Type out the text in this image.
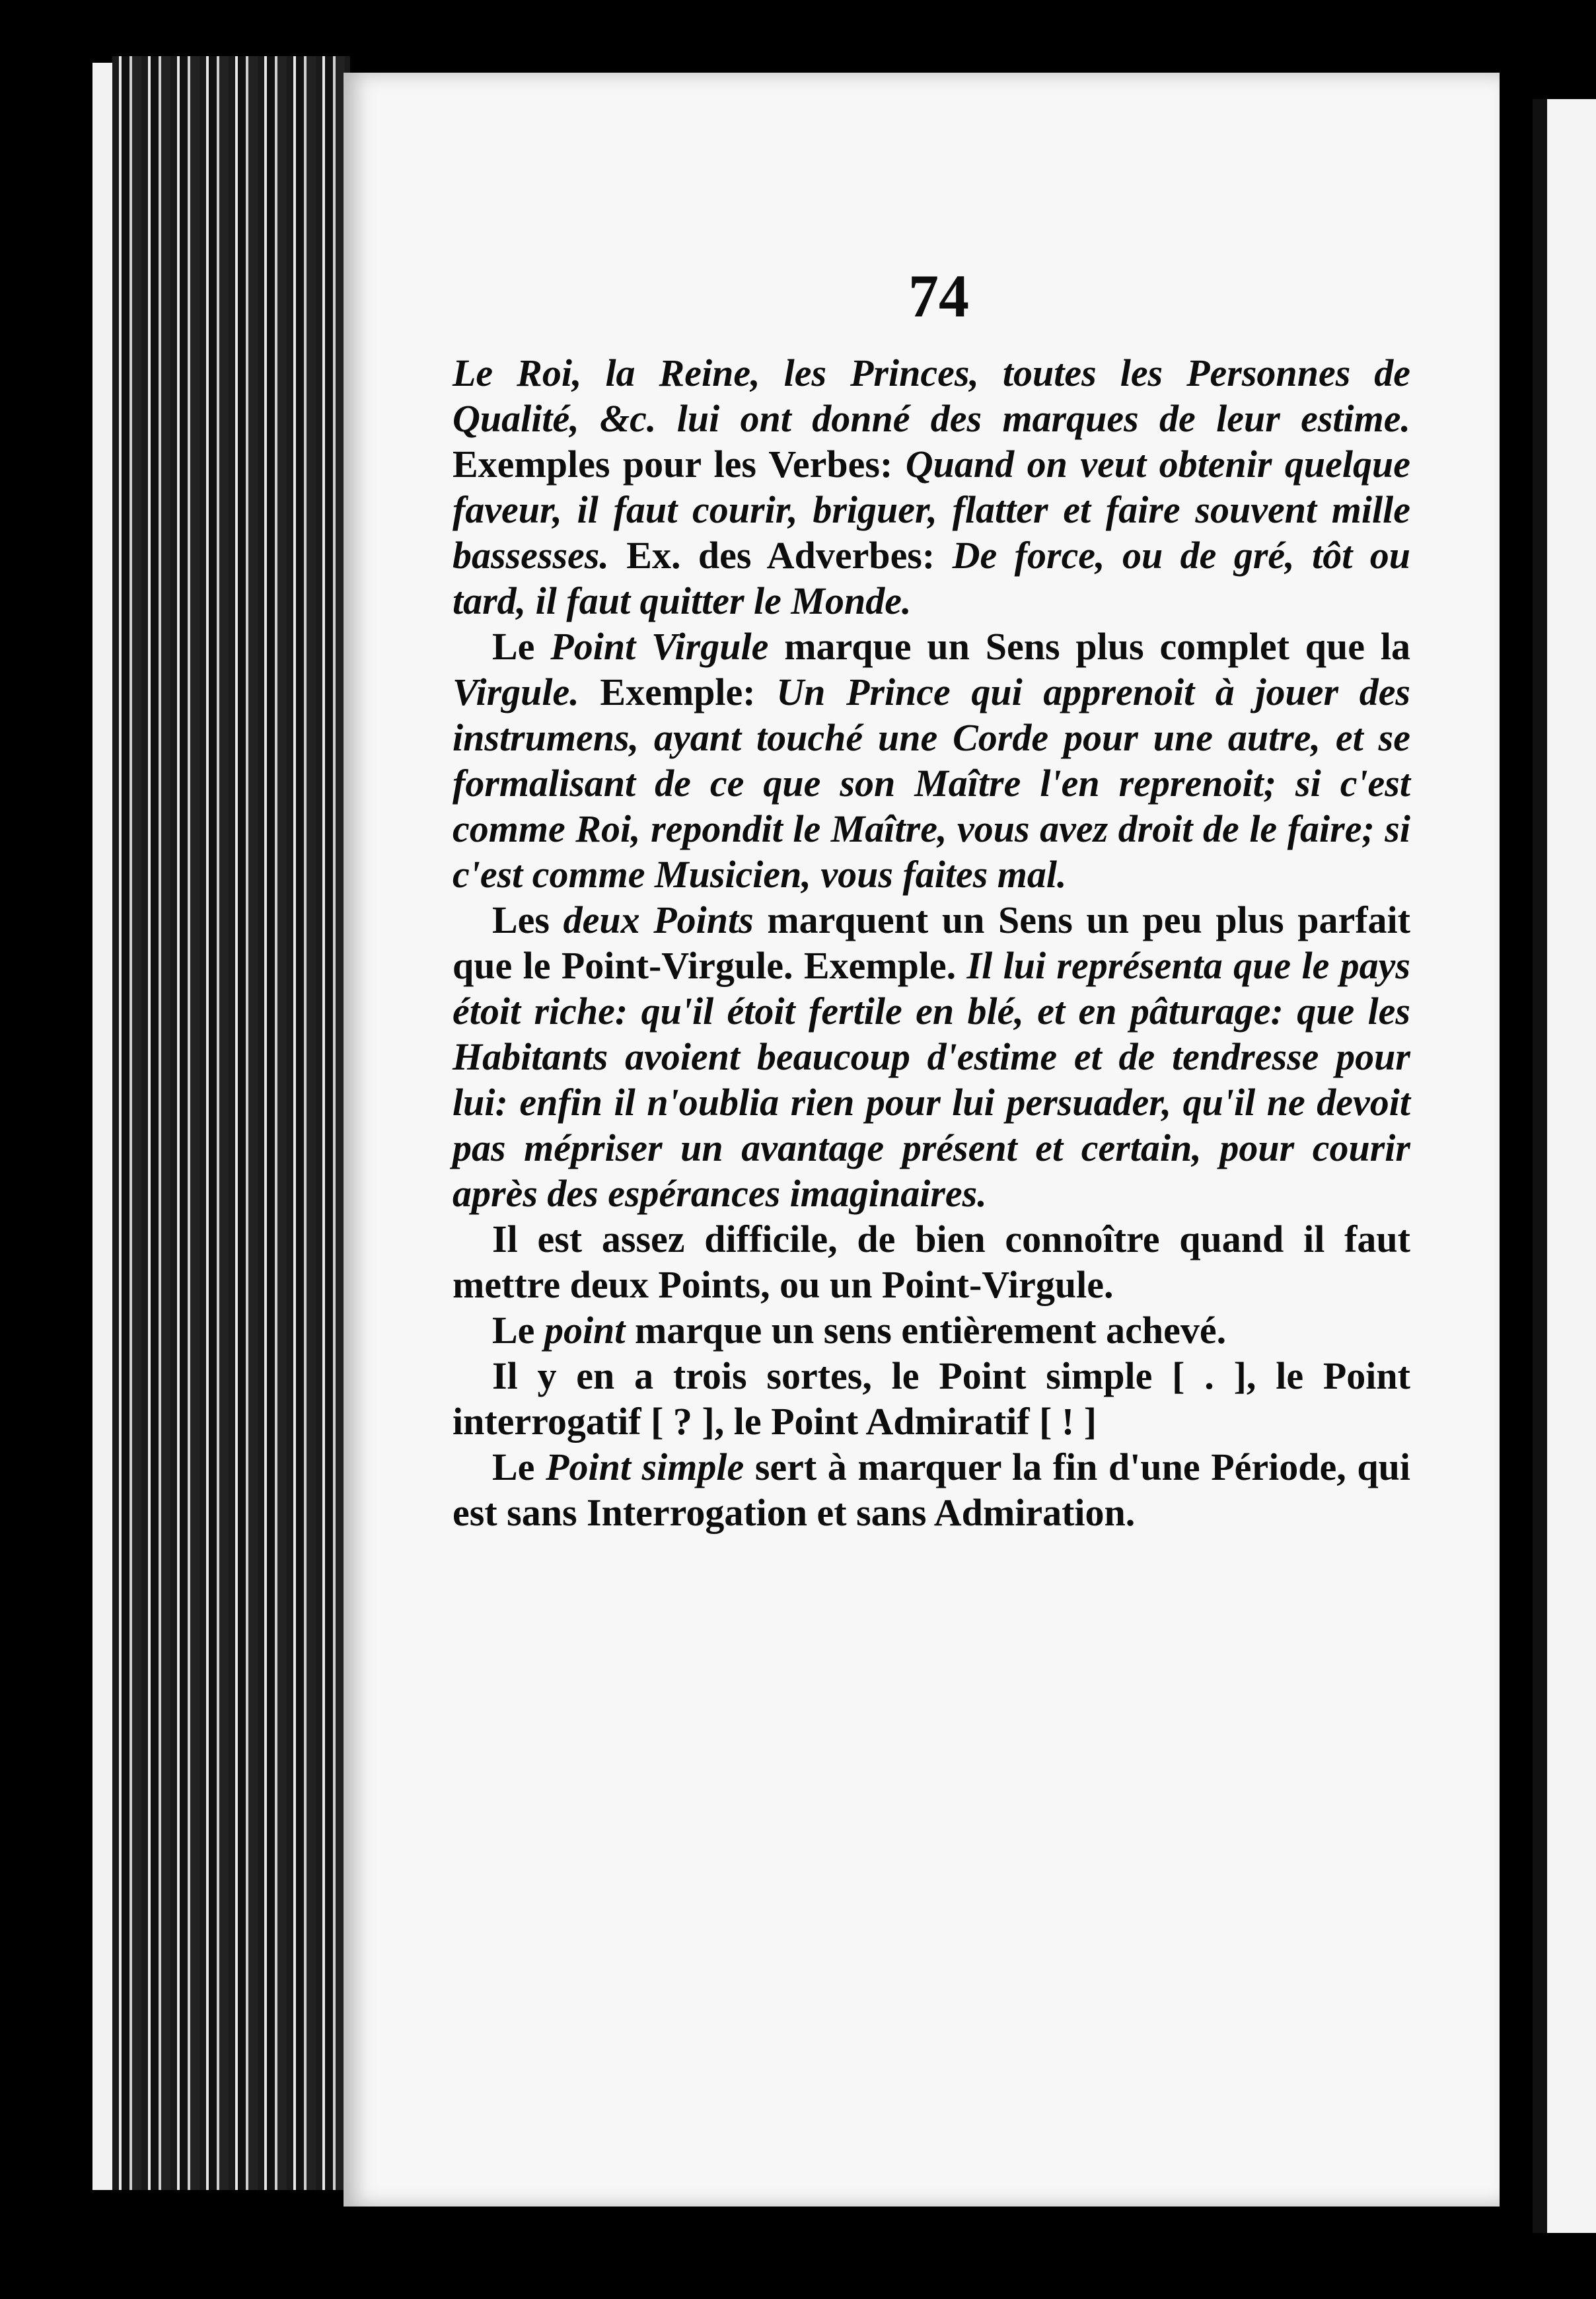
74

Le Roi, la Reine, les Princes, toutes les Personnes de Qualité, &c. lui ont donné des marques de leur estime. Exemples pour les Verbes: Quand on veut obtenir quelque faveur, il faut courir, briguer, flatter et faire souvent mille bassesses. Ex. des Adverbes: De force, ou de gré, tôt ou tard, il faut quitter le Monde.

Le Point Virgule marque un Sens plus complet que la Virgule. Exemple: Un Prince qui apprenoit à jouer des instrumens, ayant touché une Corde pour une autre, et se formalisant de ce que son Maître l'en reprenoit; si c'est comme Roi, repondit le Maître, vous avez droit de le faire; si c'est comme Musicien, vous faites mal.

Les deux Points marquent un Sens un peu plus parfait que le Point-Virgule. Exemple. Il lui représenta que le pays étoit riche: qu'il étoit fertile en blé, et en pâturage: que les Habitants avoient beaucoup d'estime et de tendresse pour lui: enfin il n'oublia rien pour lui persuader, qu'il ne devoit pas mépriser un avantage présent et certain, pour courir après des espérances imaginaires.

Il est assez difficile, de bien connoître quand il faut mettre deux Points, ou un Point-Virgule.

Le point marque un sens entièrement achevé.

Il y en a trois sortes, le Point simple [ . ], le Point interrogatif [ ? ], le Point Admiratif [ ! ]

Le Point simple sert à marquer la fin d'une Période, qui est sans Interrogation et sans Admiration.
